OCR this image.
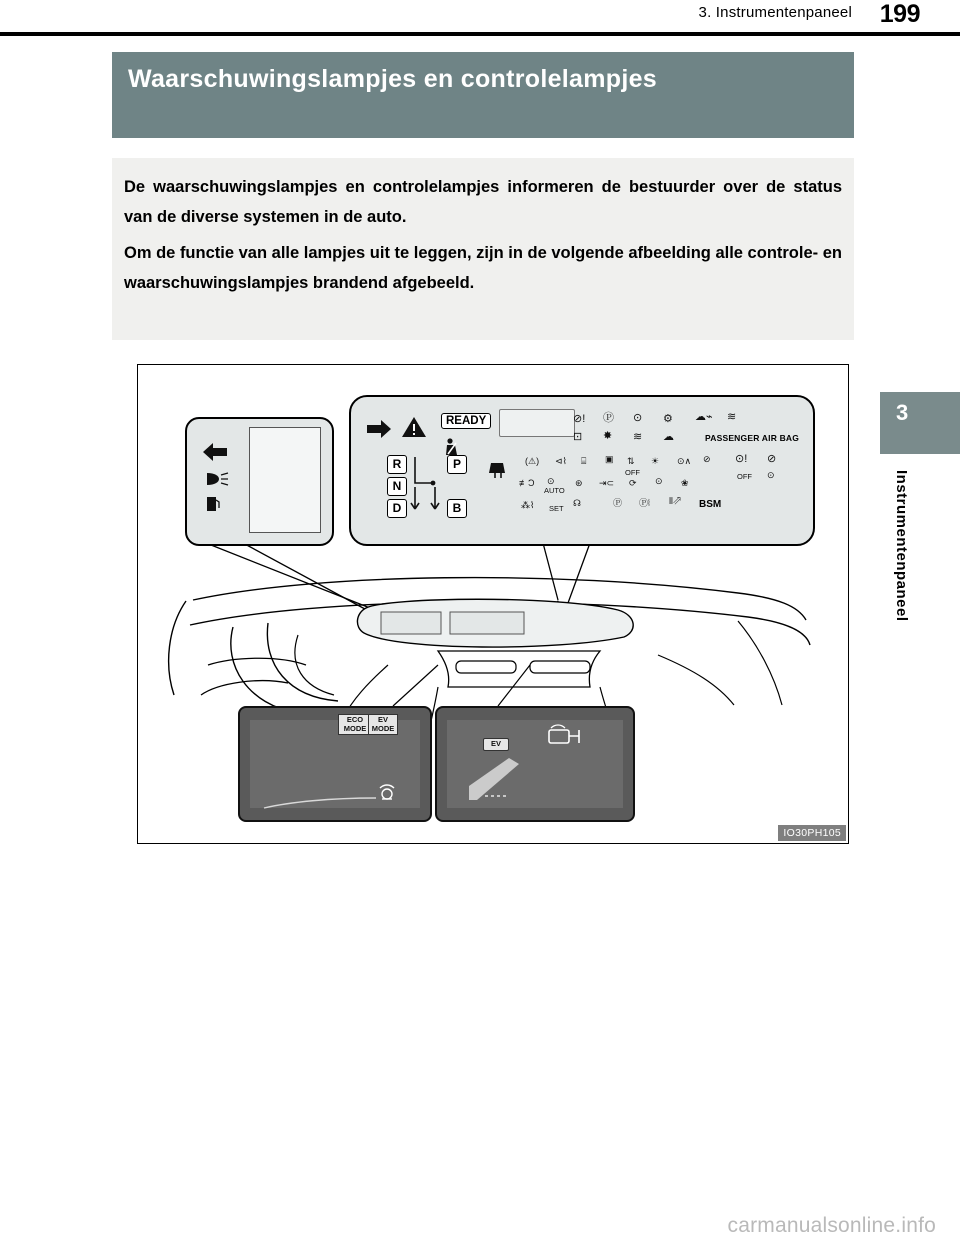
3. Instrumentenpaneel 199
3
Instrumentenpaneel
Waarschuwingslampjes en controlelampjes
De waarschuwingslampjes en controlelampjes informeren de bestuurder over de status van de diverse systemen in de auto.
Om de functie van alle lampjes uit te leggen, zijn in de volgende afbeelding alle controle- en waarschuwingslampjes brandend afgebeeld.
READY
R
N
D
P
B
⊘! Ⓟ ⊙ ⚙ ☁⌁ ≋
⊡ ✸ ≋ ☁
(⚠) ⊲⌇ ⌸ ▣ ⇅
OFF
☀ ⊙∧ ⊘
≢Ɔ ⊙
AUTO
⊛ ⇥⊂ ⟳ ⊙ ❀
⁂⌇ SET
☊	Ⓟ Ⓟ⦚ ⦀⇗ BSM
⊙! ⊘
OFF ⊙
PASSENGER AIR BAG
ECO MODE
EV MODE
EV
IO30PH105
carmanualsonline.info
